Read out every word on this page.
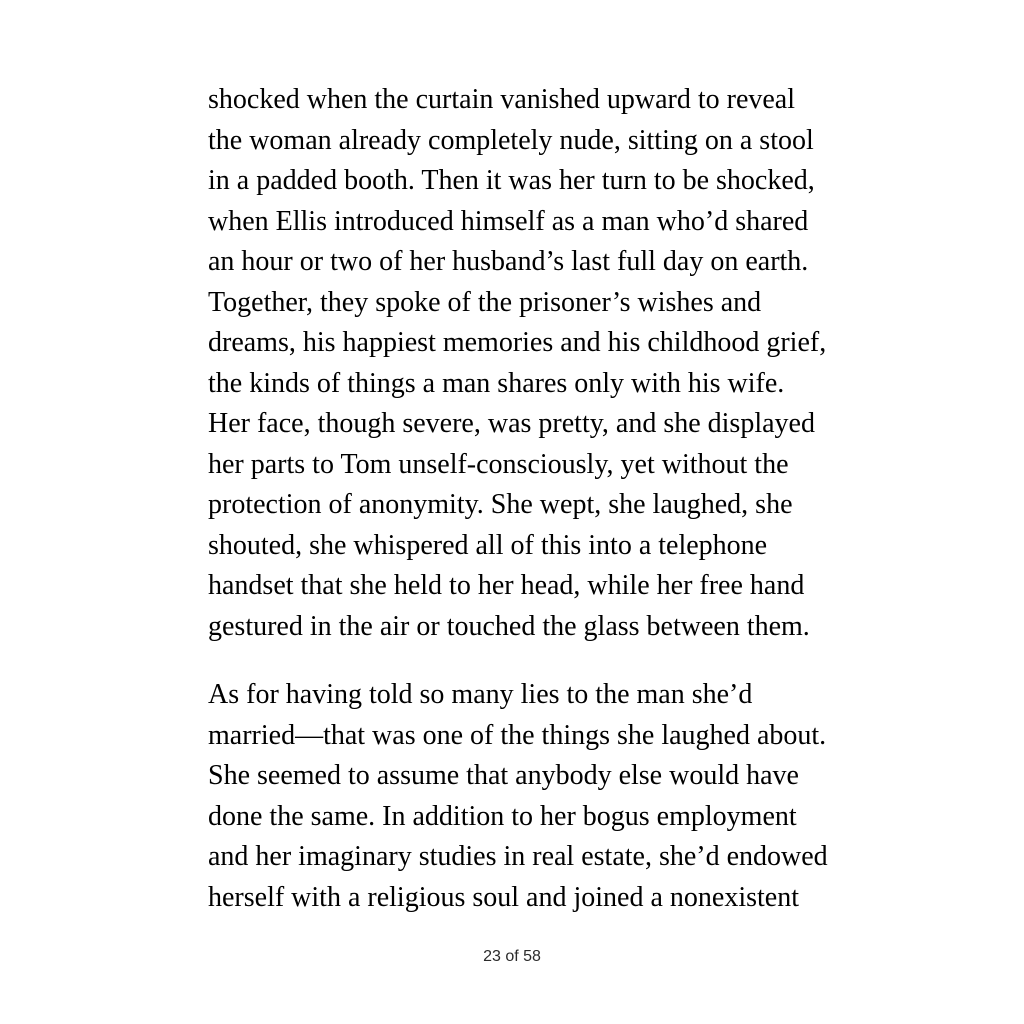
shocked when the curtain vanished upward to reveal
the woman already completely nude, sitting on a stool
in a padded booth. Then it was her turn to be shocked,
when Ellis introduced himself as a man who’d shared
an hour or two of her husband’s last full day on earth.
Together, they spoke of the prisoner’s wishes and
dreams, his happiest memories and his childhood grief,
the kinds of things a man shares only with his wife.
Her face, though severe, was pretty, and she displayed
her parts to Tom unself-consciously, yet without the
protection of anonymity. She wept, she laughed, she
shouted, she whispered all of this into a telephone
handset that she held to her head, while her free hand
gestured in the air or touched the glass between them.
As for having told so many lies to the man she’d
married—that was one of the things she laughed about.
She seemed to assume that anybody else would have
done the same. In addition to her bogus employment
and her imaginary studies in real estate, she’d endowed
herself with a religious soul and joined a nonexistent
23 of 58
